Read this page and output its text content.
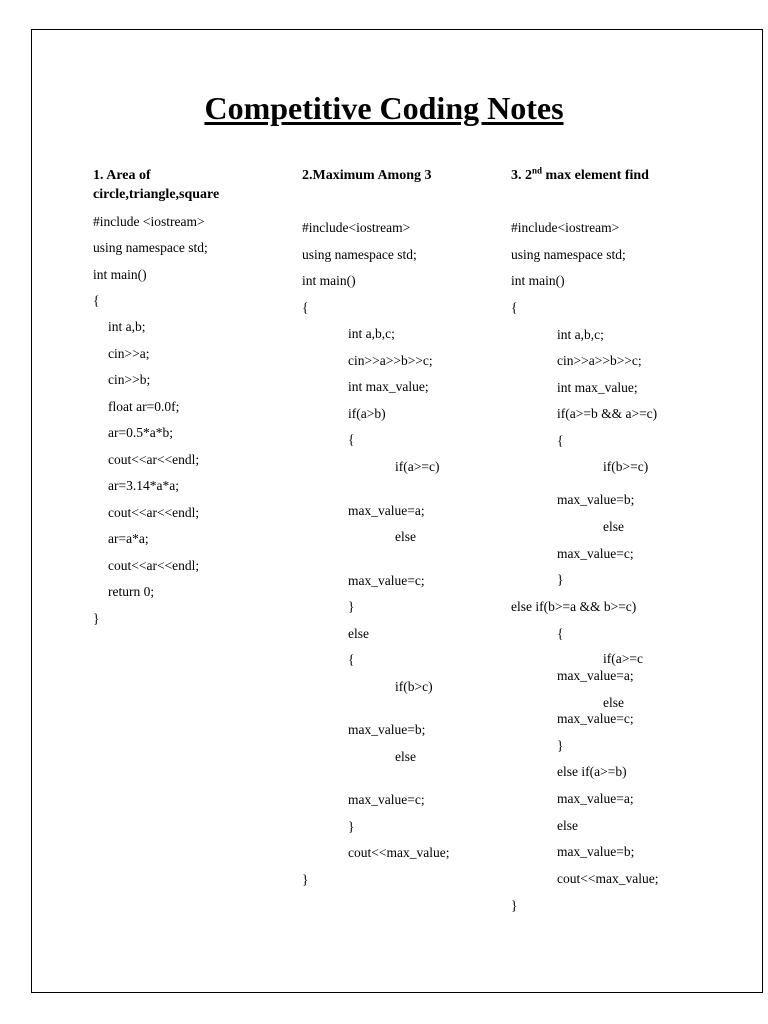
Competitive Coding Notes
1. Area of
circle,triangle,square
#include <iostream>
using namespace std;
int main()
{
int a,b;
cin>>a;
cin>>b;
float ar=0.0f;
ar=0.5*a*b;
cout<<ar<<endl;
ar=3.14*a*a;
cout<<ar<<endl;
ar=a*a;
cout<<ar<<endl;
return 0;
}
2.Maximum Among 3
#include<iostream>
using namespace std;
int main()
{
int a,b,c;
cin>>a>>b>>c;
int max_value;
if(a>b)
{
if(a>=c)
max_value=a;
else
max_value=c;
}
else
{
if(b>c)
max_value=b;
else
max_value=c;
}
cout<<max_value;
}
3. 2nd max element find
#include<iostream>
using namespace std;
int main()
{
int a,b,c;
cin>>a>>b>>c;
int max_value;
if(a>=b && a>=c)
{
if(b>=c)
max_value=b;
else
max_value=c;
}
else if(b>=a && b>=c)
{
if(a>=c
max_value=a;
else
max_value=c;
}
else if(a>=b)
max_value=a;
else
max_value=b;
cout<<max_value;
}
